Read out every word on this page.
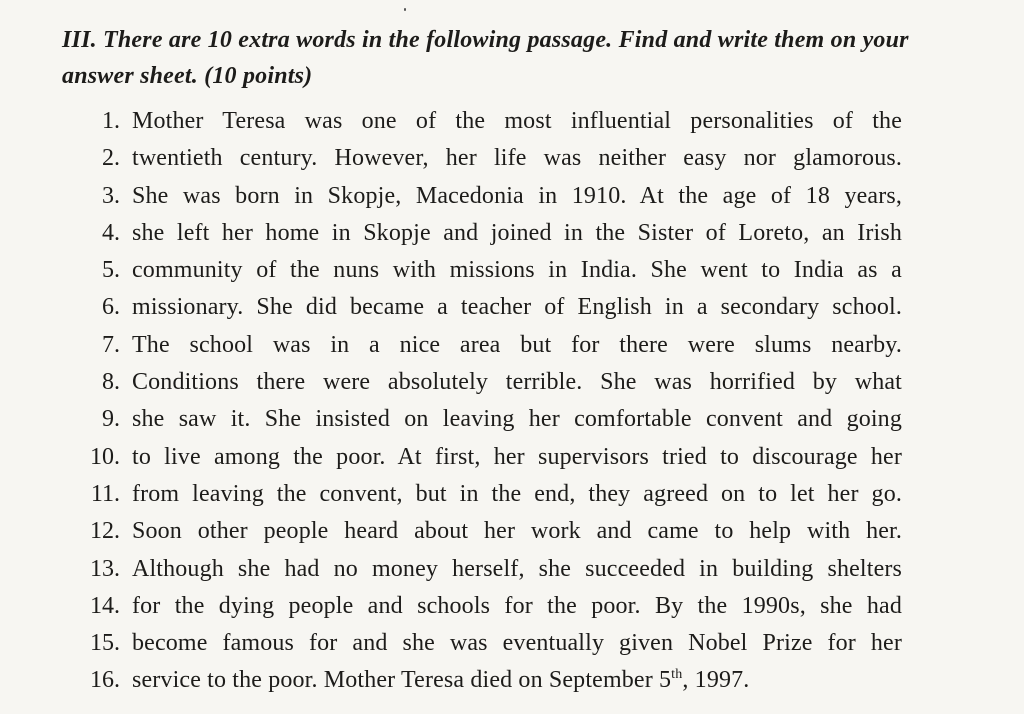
III. There are 10 extra words in the following passage. Find and write them on your answer sheet. (10 points)
1. Mother Teresa was one of the most influential personalities of the
2. twentieth century. However, her life was neither easy nor glamorous.
3. She was born in Skopje, Macedonia in 1910. At the age of 18 years,
4. she left her home in Skopje and joined in the Sister of Loreto, an Irish
5. community of the nuns with missions in India. She went to India as a
6. missionary. She did became a teacher of English in a secondary school.
7. The school was in a nice area but for there were slums nearby.
8. Conditions there were absolutely terrible. She was horrified by what
9. she saw it. She insisted on leaving her comfortable convent and going
10. to live among the poor. At first, her supervisors tried to discourage her
11. from leaving the convent, but in the end, they agreed on to let her go.
12. Soon other people heard about her work and came to help with her.
13. Although she had no money herself, she succeeded in building shelters
14. for the dying people and schools for the poor. By the 1990s, she had
15. become famous for and she was eventually given Nobel Prize for her
16. service to the poor. Mother Teresa died on September 5th, 1997.
